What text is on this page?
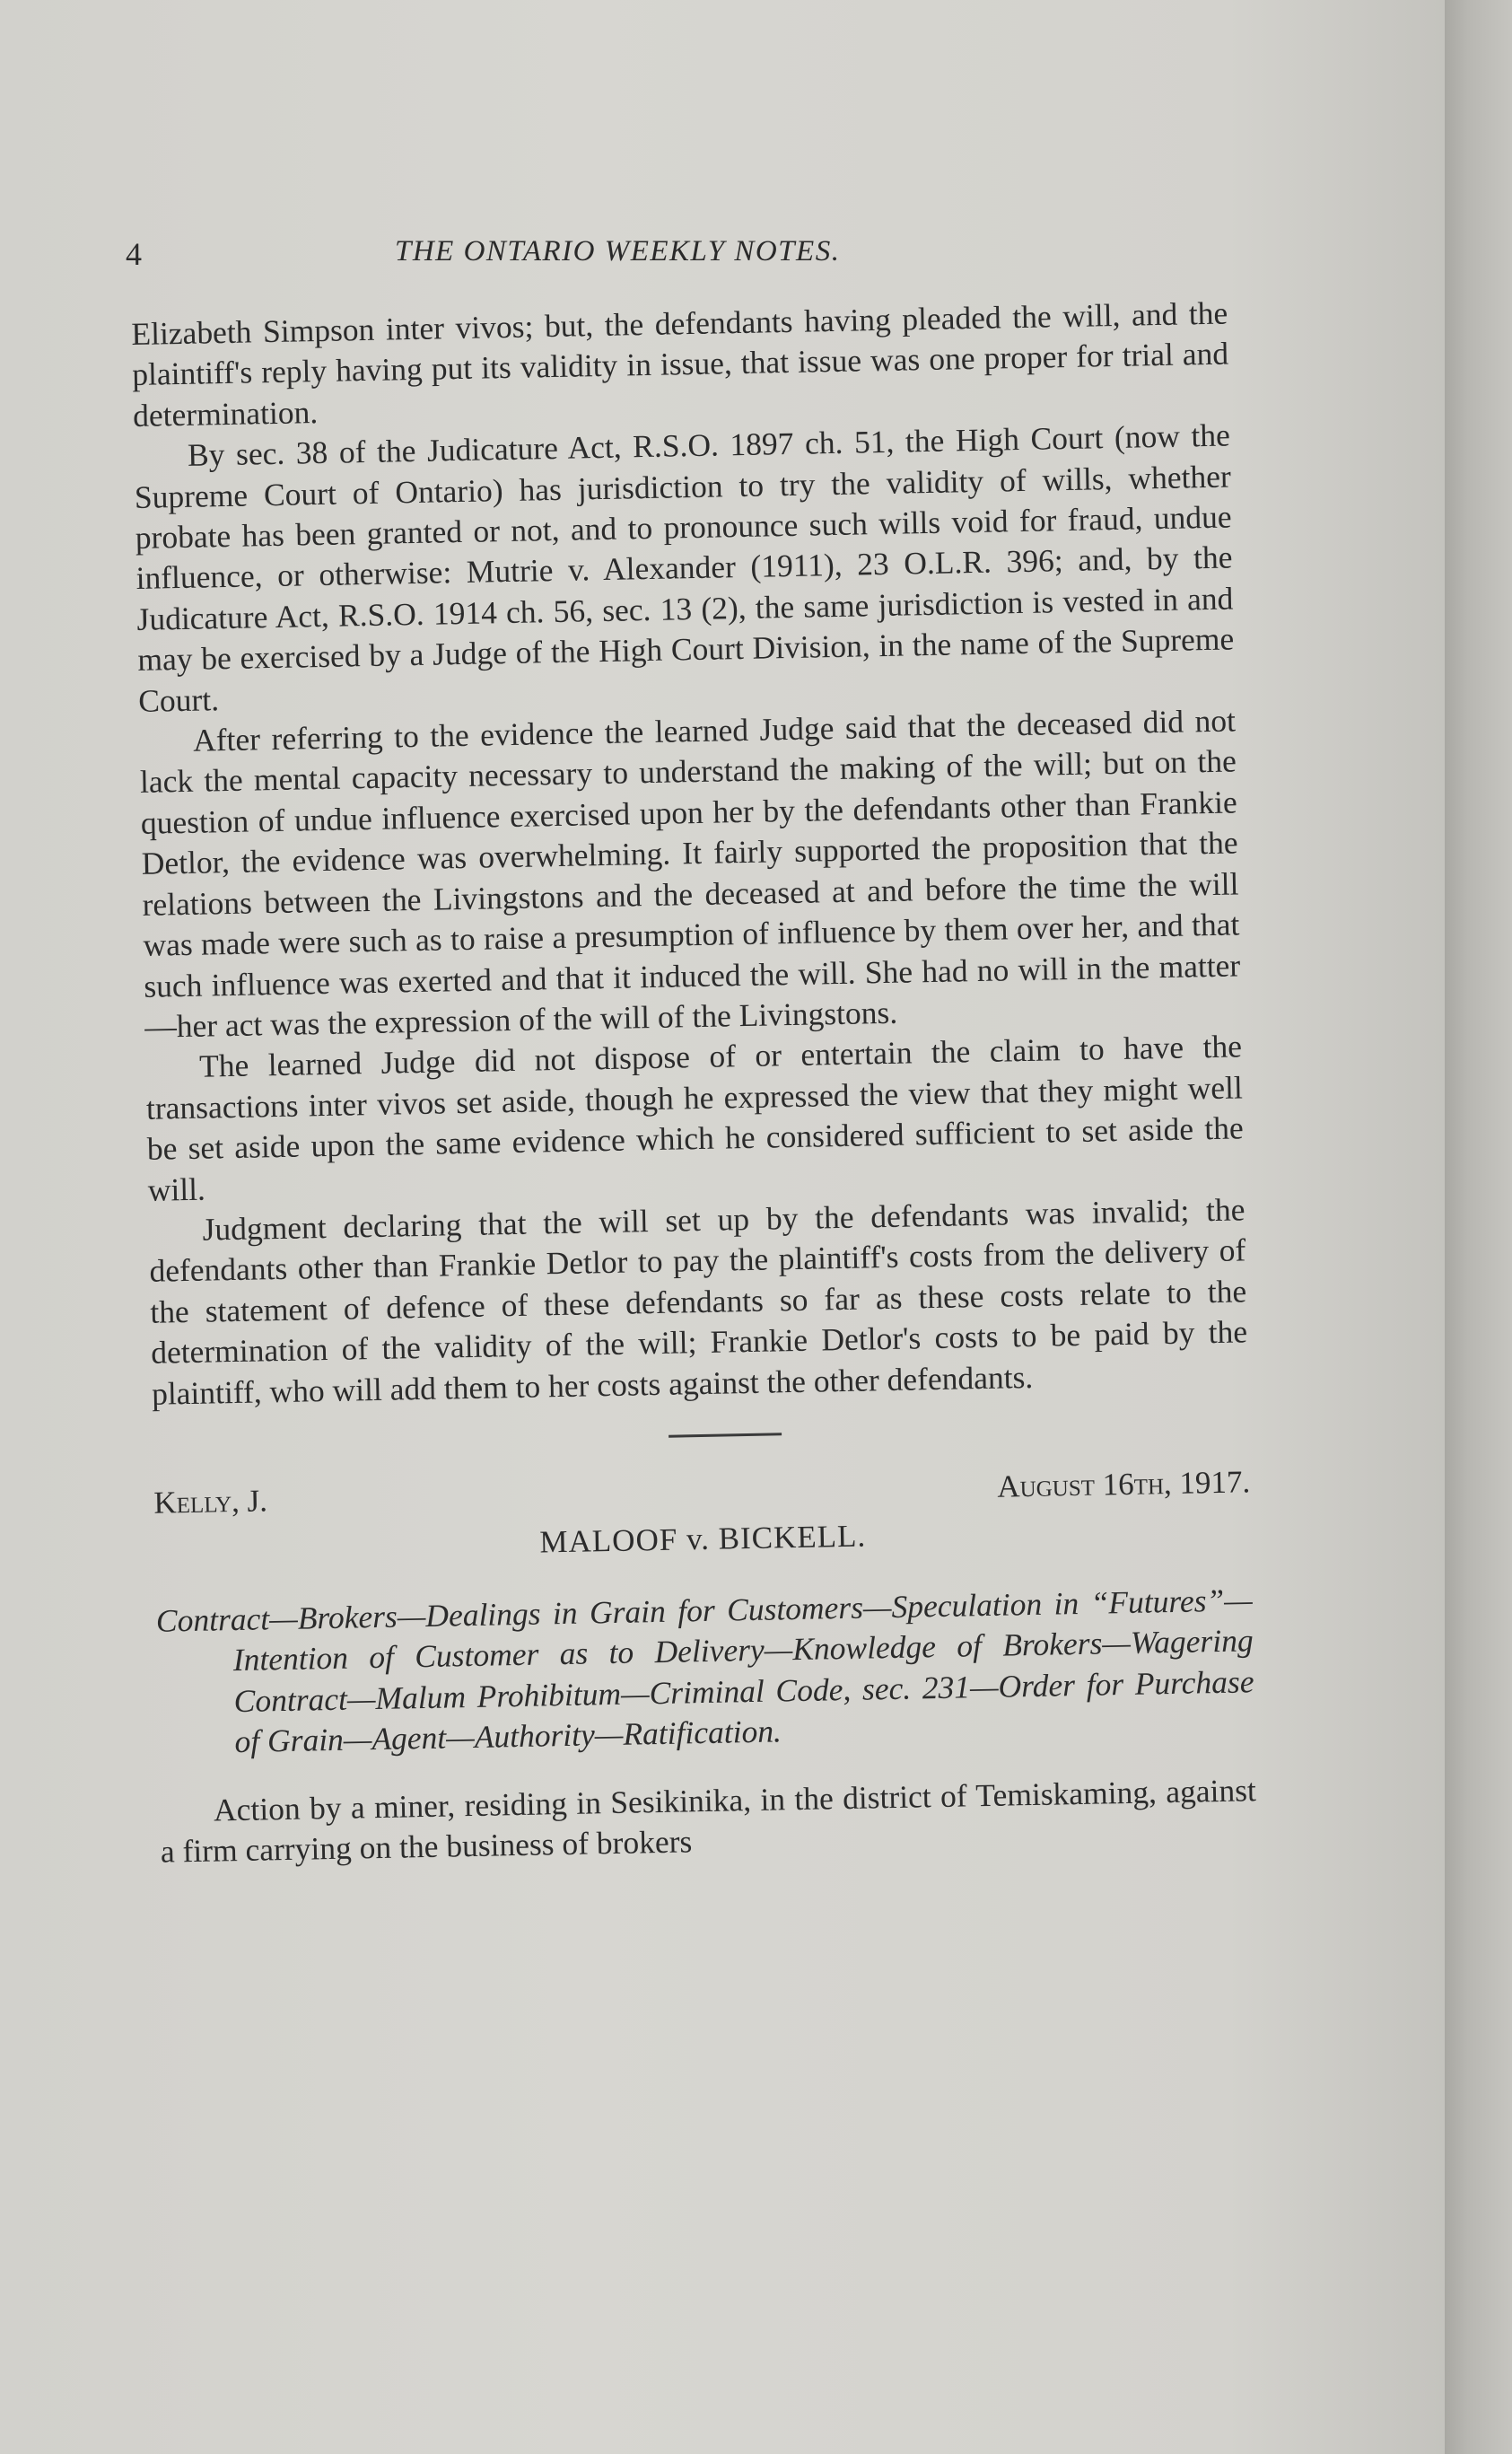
4	THE ONTARIO WEEKLY NOTES.

Elizabeth Simpson inter vivos; but, the defendants having pleaded the will, and the plaintiff's reply having put its validity in issue, that issue was one proper for trial and determination.

By sec. 38 of the Judicature Act, R.S.O. 1897 ch. 51, the High Court (now the Supreme Court of Ontario) has jurisdiction to try the validity of wills, whether probate has been granted or not, and to pronounce such wills void for fraud, undue influence, or otherwise: Mutrie v. Alexander (1911), 23 O.L.R. 396; and, by the Judicature Act, R.S.O. 1914 ch. 56, sec. 13 (2), the same jurisdiction is vested in and may be exercised by a Judge of the High Court Division, in the name of the Supreme Court.

After referring to the evidence the learned Judge said that the deceased did not lack the mental capacity necessary to understand the making of the will; but on the question of undue influence exercised upon her by the defendants other than Frankie Detlor, the evidence was overwhelming. It fairly supported the proposition that the relations between the Livingstons and the deceased at and before the time the will was made were such as to raise a presumption of influence by them over her, and that such influence was exerted and that it induced the will. She had no will in the matter—her act was the expression of the will of the Livingstons.

The learned Judge did not dispose of or entertain the claim to have the transactions inter vivos set aside, though he expressed the view that they might well be set aside upon the same evidence which he considered sufficient to set aside the will.

Judgment declaring that the will set up by the defendants was invalid; the defendants other than Frankie Detlor to pay the plaintiff's costs from the delivery of the statement of defence of these defendants so far as these costs relate to the determination of the validity of the will; Frankie Detlor's costs to be paid by the plaintiff, who will add them to her costs against the other defendants.

Kelly, J.	August 16th, 1917.
MALOOF v. BICKELL.

Contract—Brokers—Dealings in Grain for Customers—Speculation in “Futures”—Intention of Customer as to Delivery—Knowledge of Brokers—Wagering Contract—Malum Prohibitum—Criminal Code, sec. 231—Order for Purchase of Grain—Agent—Authority—Ratification.

Action by a miner, residing in Sesikinika, in the district of Temiskaming, against a firm carrying on the business of brokers
